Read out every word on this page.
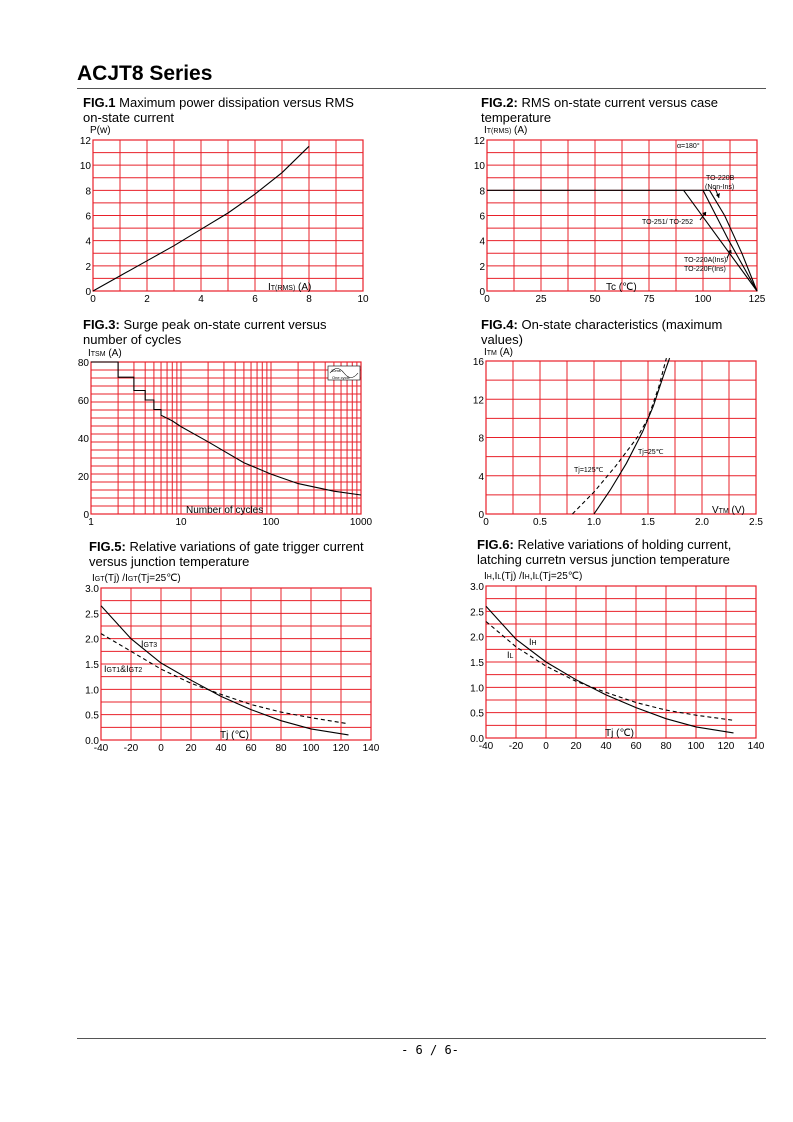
ACJT8 Series
FIG.1 Maximum power dissipation versus RMS
on-state current
FIG.2: RMS on-state current versus case
temperature
FIG.3: Surge peak on-state current versus
number of cycles
FIG.4: On-state characteristics (maximum
values)
FIG.5: Relative variations of gate trigger current
versus junction temperature
FIG.6: Relative variations of holding current,
latching curretn versus junction temperature
0	2	4	6	8	10
0
2
4
6
8
10
12
IT(RMS) (A)
P(w)
0	25	50	75	100	125
0
2
4
6
8
10
12
Tc (℃)
IT(RMS) (A)
1	10	100	1000
0
20
40
60
80
Number of cycles
ITSM (A)
0	0.5	1.0	1.5	2.0	2.5
0
4
8
12
16
VTM (V)
ITM (A)
-40 -20 0 20 40 60 80 100 120 140
0.0
0.5
1.0
1.5
2.0
2.5
3.0
Tj (℃)
IGT(Tj) /IGT(Tj=25℃)
-40 -20 0 20 40 60 80 100 120 140
0.0
0.5
1.0
1.5
2.0
2.5
3.0
Tj (℃)
IH,IL(Tj) /IH,IL(Tj=25℃)
α=180°
TO-220B
(Non-Ins)
TO-251/ TO-252
TO-220A(Ins)/
TO-220F(Ins)
10ms
One cycle
Tj=25℃
Tj=125℃
IGT3
IGT1&IGT2
IH
IL
- 6 / 6-
